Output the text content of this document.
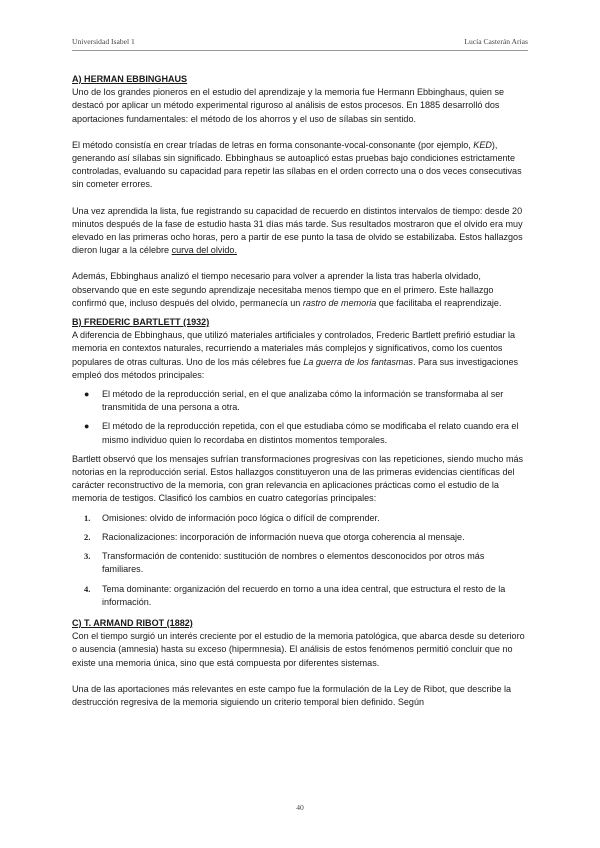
Universidad Isabel 1	Lucía Casterán Arias

A) HERMAN EBBINGHAUS

Uno de los grandes pioneros en el estudio del aprendizaje y la memoria fue Hermann Ebbinghaus, quien se destacó por aplicar un método experimental riguroso al análisis de estos procesos. En 1885 desarrolló dos aportaciones fundamentales: el método de los ahorros y el uso de sílabas sin sentido.

El método consistía en crear tríadas de letras en forma consonante-vocal-consonante (por ejemplo, KED), generando así sílabas sin significado. Ebbinghaus se autoaplicó estas pruebas bajo condiciones estrictamente controladas, evaluando su capacidad para repetir las sílabas en el orden correcto una o dos veces consecutivas sin cometer errores.

Una vez aprendida la lista, fue registrando su capacidad de recuerdo en distintos intervalos de tiempo: desde 20 minutos después de la fase de estudio hasta 31 días más tarde. Sus resultados mostraron que el olvido era muy elevado en las primeras ocho horas, pero a partir de ese punto la tasa de olvido se estabilizaba. Estos hallazgos dieron lugar a la célebre curva del olvido.

Además, Ebbinghaus analizó el tiempo necesario para volver a aprender la lista tras haberla olvidado, observando que en este segundo aprendizaje necesitaba menos tiempo que en el primero. Este hallazgo confirmó que, incluso después del olvido, permanecía un rastro de memoria que facilitaba el reaprendizaje.

B) FREDERIC BARTLETT (1932)

A diferencia de Ebbinghaus, que utilizó materiales artificiales y controlados, Frederic Bartlett prefirió estudiar la memoria en contextos naturales, recurriendo a materiales más complejos y significativos, como los cuentos populares de otras culturas. Uno de los más célebres fue La guerra de los fantasmas. Para sus investigaciones empleó dos métodos principales:

● El método de la reproducción serial, en el que analizaba cómo la información se transformaba al ser transmitida de una persona a otra.
● El método de la reproducción repetida, con el que estudiaba cómo se modificaba el relato cuando era el mismo individuo quien lo recordaba en distintos momentos temporales.

Bartlett observó que los mensajes sufrían transformaciones progresivas con las repeticiones, siendo mucho más notorias en la reproducción serial. Estos hallazgos constituyeron una de las primeras evidencias científicas del carácter reconstructivo de la memoria, con gran relevancia en aplicaciones prácticas como el estudio de la memoria de testigos. Clasificó los cambios en cuatro categorías principales:

1. Omisiones: olvido de información poco lógica o difícil de comprender.
2. Racionalizaciones: incorporación de información nueva que otorga coherencia al mensaje.
3. Transformación de contenido: sustitución de nombres o elementos desconocidos por otros más familiares.
4. Tema dominante: organización del recuerdo en torno a una idea central, que estructura el resto de la información.

C) T. ARMAND RIBOT (1882)

Con el tiempo surgió un interés creciente por el estudio de la memoria patológica, que abarca desde su deterioro o ausencia (amnesia) hasta su exceso (hipermnesia). El análisis de estos fenómenos permitió concluir que no existe una memoria única, sino que está compuesta por diferentes sistemas.

Una de las aportaciones más relevantes en este campo fue la formulación de la Ley de Ribot, que describe la destrucción regresiva de la memoria siguiendo un criterio temporal bien definido. Según

40
